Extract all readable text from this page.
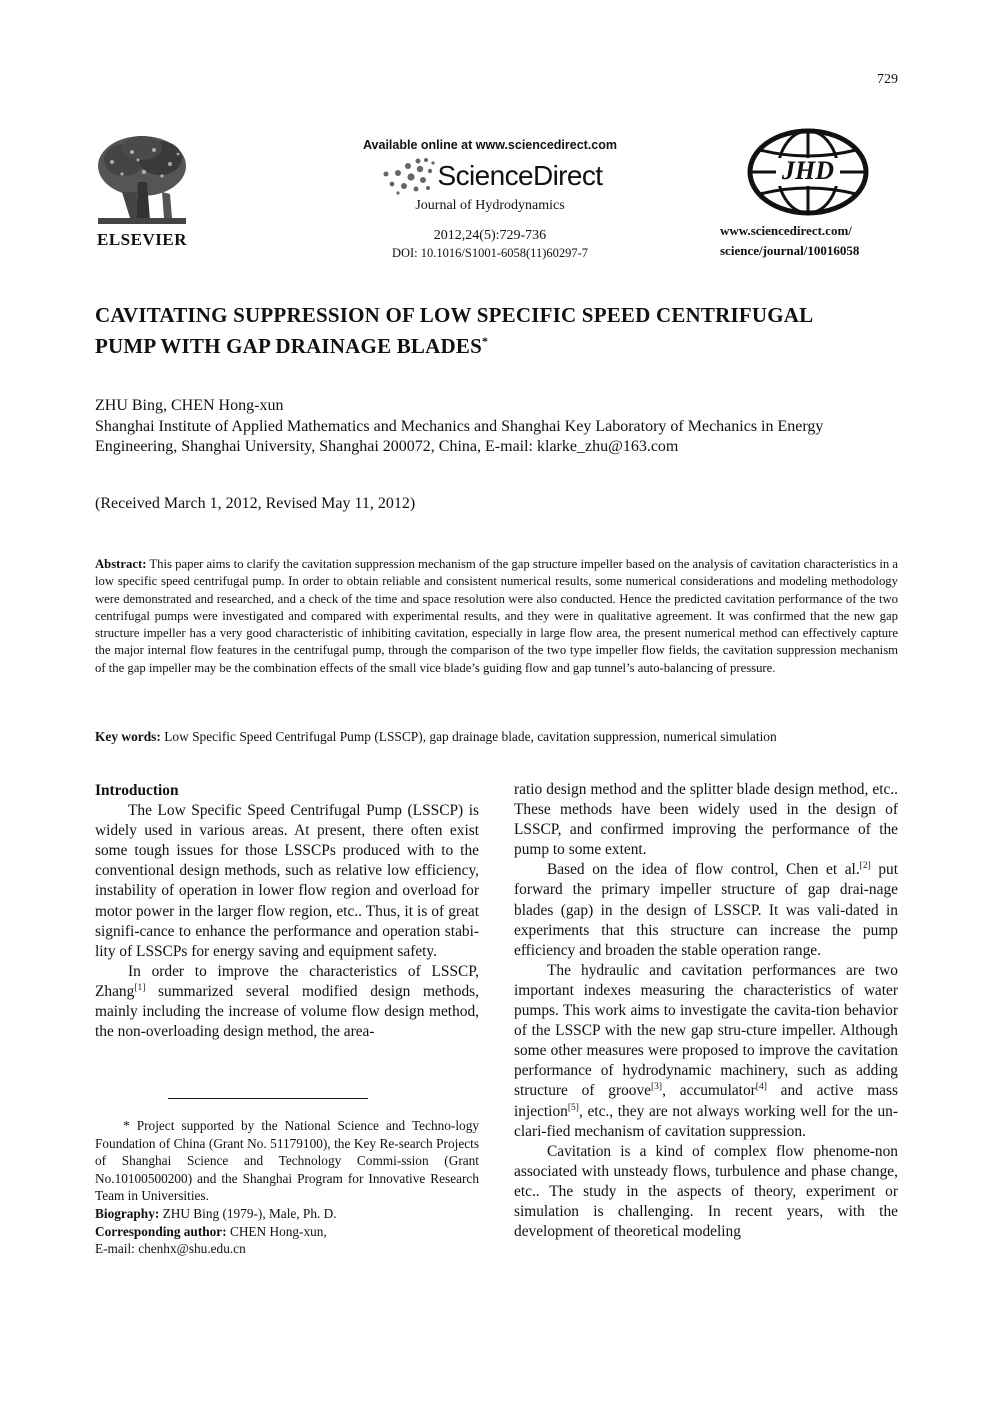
729
ELSEVIER
Available online at www.sciencedirect.com
ScienceDirect
Journal of Hydrodynamics
2012,24(5):729-736
DOI: 10.1016/S1001-6058(11)60297-7
JHD
www.sciencedirect.com/
science/journal/10016058
CAVITATING SUPPRESSION OF LOW SPECIFIC SPEED CENTRIFUGAL
PUMP WITH GAP DRAINAGE BLADES*
ZHU Bing, CHEN Hong-xun
Shanghai Institute of Applied Mathematics and Mechanics and Shanghai Key Laboratory of Mechanics in Energy Engineering, Shanghai University, Shanghai 200072, China, E-mail: klarke_zhu@163.com
(Received March 1, 2012, Revised May 11, 2012)
Abstract: This paper aims to clarify the cavitation suppression mechanism of the gap structure impeller based on the analysis of cavitation characteristics in a low specific speed centrifugal pump. In order to obtain reliable and consistent numerical results, some numerical considerations and modeling methodology were demonstrated and researched, and a check of the time and space resolution were also conducted. Hence the predicted cavitation performance of the two centrifugal pumps were investigated and compared with experimental results, and they were in qualitative agreement. It was confirmed that the new gap structure impeller has a very good characteristic of inhibiting cavitation, especially in large flow area, the present numerical method can effectively capture the major internal flow features in the centrifugal pump, through the comparison of the two type impeller flow fields, the cavitation suppression mechanism of the gap impeller may be the combination effects of the small vice blade’s guiding flow and gap tunnel’s auto-balancing of pressure.
Key words: Low Specific Speed Centrifugal Pump (LSSCP), gap drainage blade, cavitation suppression, numerical simulation

Introduction

The Low Specific Speed Centrifugal Pump (LSSCP) is widely used in various areas. At present, there often exist some tough issues for those LSSCPs produced with to the conventional design methods, such as relative low efficiency, instability of operation in lower flow region and overload for motor power in the larger flow region, etc.. Thus, it is of great signifi-cance to enhance the performance and operation stabi-lity of LSSCPs for energy saving and equipment safety.

In order to improve the characteristics of LSSCP, Zhang[1] summarized several modified design methods, mainly including the increase of volume flow design method, the non-overloading design method, the area-

* Project supported by the National Science and Techno-logy Foundation of China (Grant No. 51179100), the Key Re-search Projects of Shanghai Science and Technology Commi-ssion (Grant No.10100500200) and the Shanghai Program for Innovative Research Team in Universities.

Biography: ZHU Bing (1979-), Male, Ph. D.

Corresponding author: CHEN Hong-xun,

E-mail: chenhx@shu.edu.cn

ratio design method and the splitter blade design method, etc.. These methods have been widely used in the design of LSSCP, and confirmed improving the performance of the pump to some extent.

Based on the idea of flow control, Chen et al.[2] put forward the primary impeller structure of gap drai-nage blades (gap) in the design of LSSCP. It was vali-dated in experiments that this structure can increase the pump efficiency and broaden the stable operation range.

The hydraulic and cavitation performances are two important indexes measuring the characteristics of water pumps. This work aims to investigate the cavita-tion behavior of the LSSCP with the new gap stru-cture impeller. Although some other measures were proposed to improve the cavitation performance of hydrodynamic machinery, such as adding structure of groove[3], accumulator[4] and active mass injection[5], etc., they are not always working well for the un-clari-fied mechanism of cavitation suppression.

Cavitation is a kind of complex flow phenome-non associated with unsteady flows, turbulence and phase change, etc.. The study in the aspects of theory, experiment or simulation is challenging. In recent years, with the development of theoretical modeling
